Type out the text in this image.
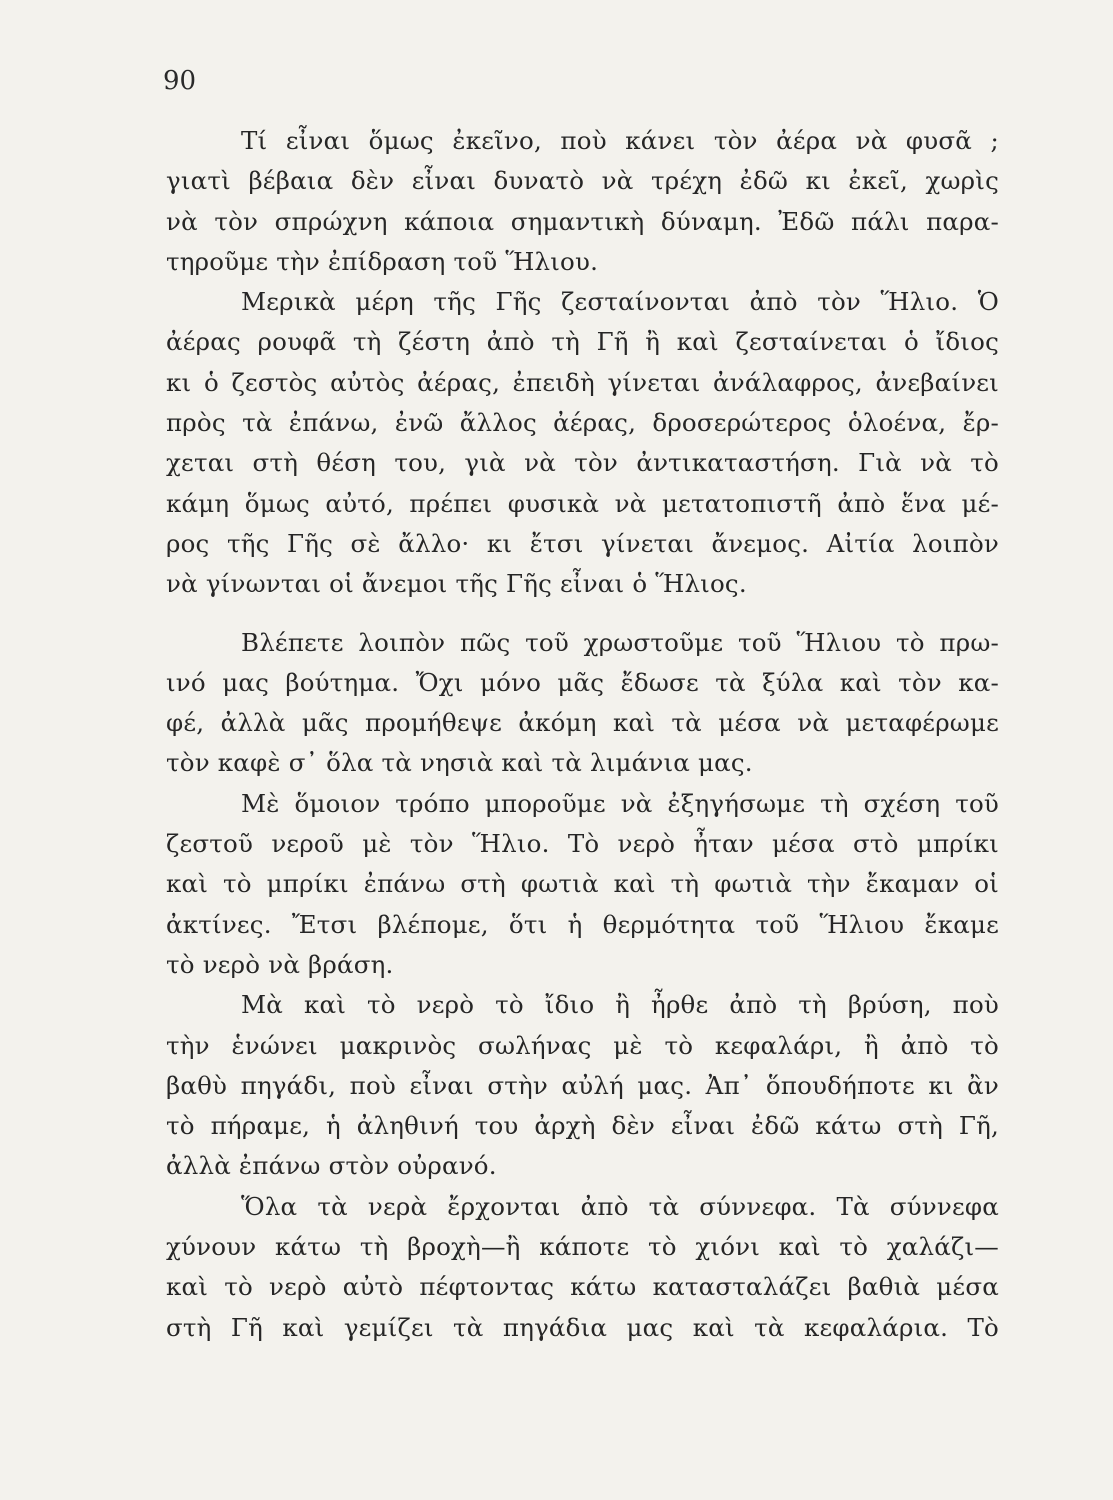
90
Τί εἶναι ὅμως ἐκεῖνο, ποὺ κάνει τὸν ἀέρα νὰ φυσᾶ ;
γιατὶ βέβαια δὲν εἶναι δυνατὸ νὰ τρέχη ἐδῶ κι ἐκεῖ, χωρὶς
νὰ τὸν σπρώχνη κάποια σημαντικὴ δύναμη. Ἐδῶ πάλι παρα-
τηροῦμε τὴν ἐπίδραση τοῦ Ἥλιου.
Μερικὰ μέρη τῆς Γῆς ζεσταίνονται ἀπὸ τὸν Ἥλιο. Ὁ
ἀέρας ρουφᾶ τὴ ζέστη ἀπὸ τὴ Γῆ ἢ καὶ ζεσταίνεται ὁ ἴδιος
κι ὁ ζεστὸς αὐτὸς ἀέρας, ἐπειδὴ γίνεται ἀνάλαφρος, ἀνεβαίνει
πρὸς τὰ ἐπάνω, ἐνῶ ἄλλος ἀέρας, δροσερώτερος ὁλοένα, ἔρ-
χεται στὴ θέση του, γιὰ νὰ τὸν ἀντικαταστήση. Γιὰ νὰ τὸ
κάμη ὅμως αὐτό, πρέπει φυσικὰ νὰ μετατοπιστῆ ἀπὸ ἕνα μέ-
ρος τῆς Γῆς σὲ ἄλλο· κι ἔτσι γίνεται ἄνεμος. Αἰτία λοιπὸν
νὰ γίνωνται οἱ ἄνεμοι τῆς Γῆς εἶναι ὁ Ἥλιος.
Βλέπετε λοιπὸν πῶς τοῦ χρωστοῦμε τοῦ Ἥλιου τὸ πρω-
ινό μας βούτημα. Ὄχι μόνο μᾶς ἔδωσε τὰ ξύλα καὶ τὸν κα-
φέ, ἀλλὰ μᾶς προμήθεψε ἀκόμη καὶ τὰ μέσα νὰ μεταφέρωμε
τὸν καφὲ σ᾽ ὅλα τὰ νησιὰ καὶ τὰ λιμάνια μας.
Μὲ ὅμοιον τρόπο μποροῦμε νὰ ἐξηγήσωμε τὴ σχέση τοῦ
ζεστοῦ νεροῦ μὲ τὸν Ἥλιο. Τὸ νερὸ ἦταν μέσα στὸ μπρίκι
καὶ τὸ μπρίκι ἐπάνω στὴ φωτιὰ καὶ τὴ φωτιὰ τὴν ἔκαμαν οἱ
ἀκτίνες. Ἔτσι βλέπομε, ὅτι ἡ θερμότητα τοῦ Ἥλιου ἔκαμε
τὸ νερὸ νὰ βράση.
Μὰ καὶ τὸ νερὸ τὸ ἴδιο ἢ ἦρθε ἀπὸ τὴ βρύση, ποὺ
τὴν ἑνώνει μακρινὸς σωλήνας μὲ τὸ κεφαλάρι, ἢ ἀπὸ τὸ
βαθὺ πηγάδι, ποὺ εἶναι στὴν αὐλή μας. Ἀπ᾽ ὅπουδήποτε κι ἂν
τὸ πήραμε, ἡ ἀληθινή του ἀρχὴ δὲν εἶναι ἐδῶ κάτω στὴ Γῆ,
ἀλλὰ ἐπάνω στὸν οὐρανό.
Ὅλα τὰ νερὰ ἔρχονται ἀπὸ τὰ σύννεφα. Τὰ σύννεφα
χύνουν κάτω τὴ βροχὴ—ἢ κάποτε τὸ χιόνι καὶ τὸ χαλάζι—
καὶ τὸ νερὸ αὐτὸ πέφτοντας κάτω κατασταλάζει βαθιὰ μέσα
στὴ Γῆ καὶ γεμίζει τὰ πηγάδια μας καὶ τὰ κεφαλάρια. Τὸ
